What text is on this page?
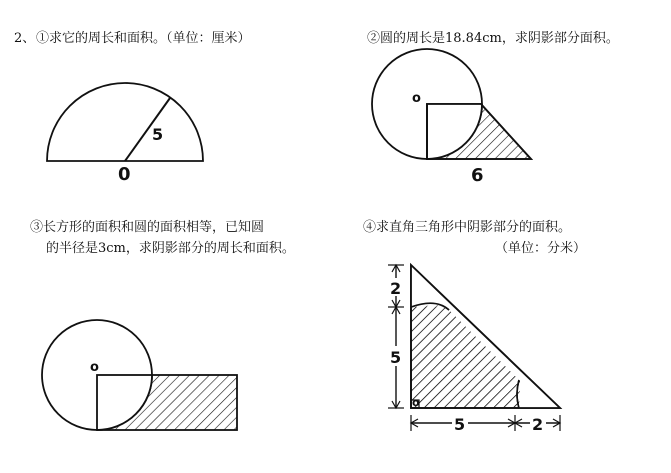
5
0
o
6
o
2
5
5	2
o
2、 ①求它的周长和面积。（单位：厘米）	②圆的周长是18.84cm，求阴影部分面积。
③长方形的面积和圆的面积相等，已知圆
的半径是3cm，求阴影部分的周长和面积。
④求直角三角形中阴影部分的面积。
（单位：分米）
